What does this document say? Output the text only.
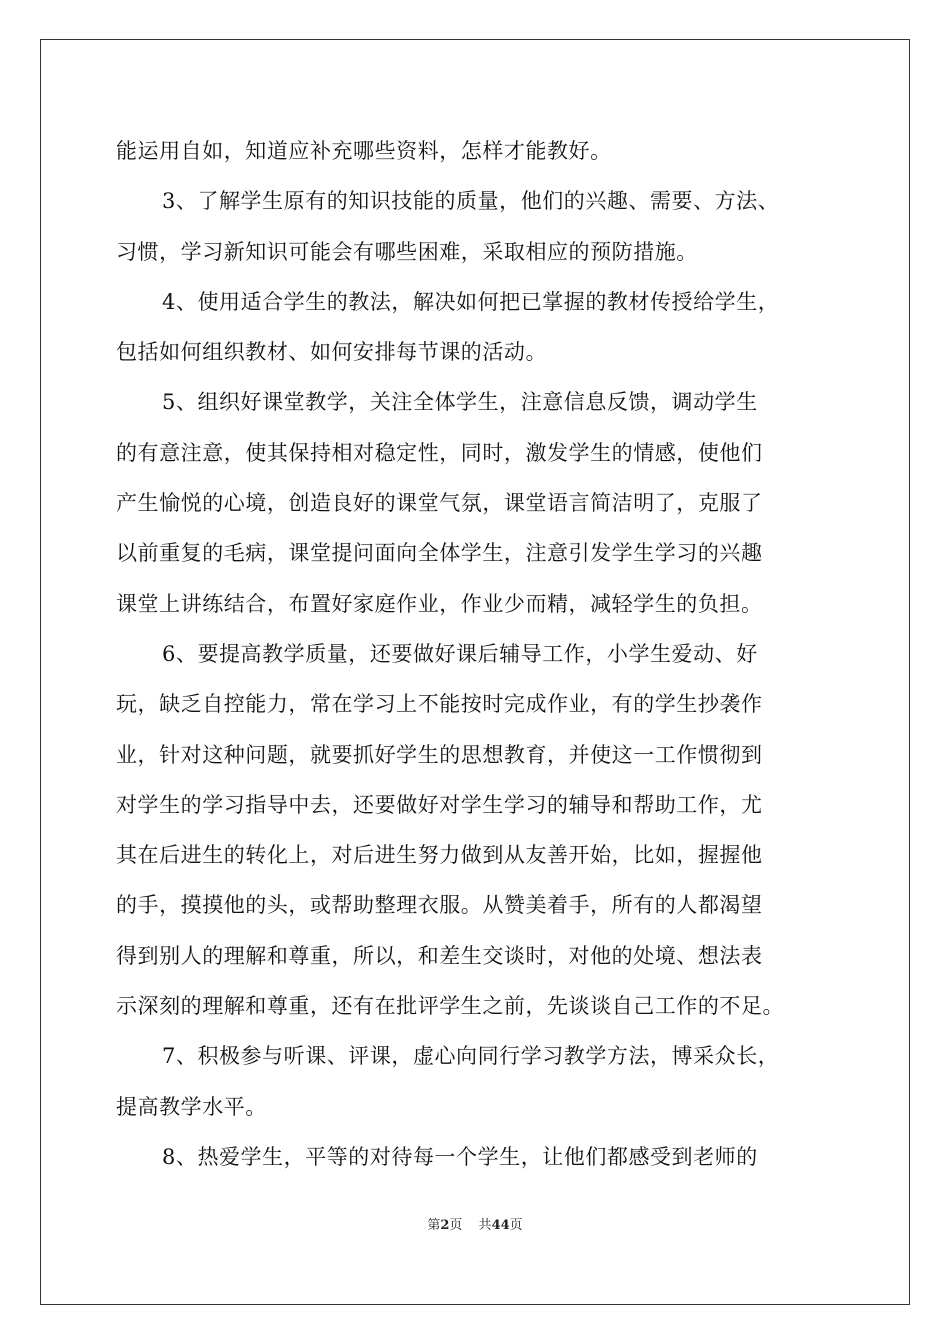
能运用自如，知道应补充哪些资料，怎样才能教好。
3、了解学生原有的知识技能的质量，他们的兴趣、需要、方法、
习惯，学习新知识可能会有哪些困难，采取相应的预防措施。
4、使用适合学生的教法，解决如何把已掌握的教材传授给学生，
包括如何组织教材、如何安排每节课的活动。
5、组织好课堂教学，关注全体学生，注意信息反馈，调动学生
的有意注意，使其保持相对稳定性，同时，激发学生的情感，使他们
产生愉悦的心境，创造良好的课堂气氛，课堂语言简洁明了，克服了
以前重复的毛病，课堂提问面向全体学生，注意引发学生学习的兴趣
课堂上讲练结合，布置好家庭作业，作业少而精，减轻学生的负担。
6、要提高教学质量，还要做好课后辅导工作，小学生爱动、好
玩，缺乏自控能力，常在学习上不能按时完成作业，有的学生抄袭作
业，针对这种问题，就要抓好学生的思想教育，并使这一工作惯彻到
对学生的学习指导中去，还要做好对学生学习的辅导和帮助工作，尤
其在后进生的转化上，对后进生努力做到从友善开始，比如，握握他
的手，摸摸他的头，或帮助整理衣服。从赞美着手，所有的人都渴望
得到别人的理解和尊重，所以，和差生交谈时，对他的处境、想法表
示深刻的理解和尊重，还有在批评学生之前，先谈谈自己工作的不足。
7、积极参与听课、评课，虚心向同行学习教学方法，博采众长，
提高教学水平。
8、热爱学生，平等的对待每一个学生，让他们都感受到老师的
第2页 共44页
